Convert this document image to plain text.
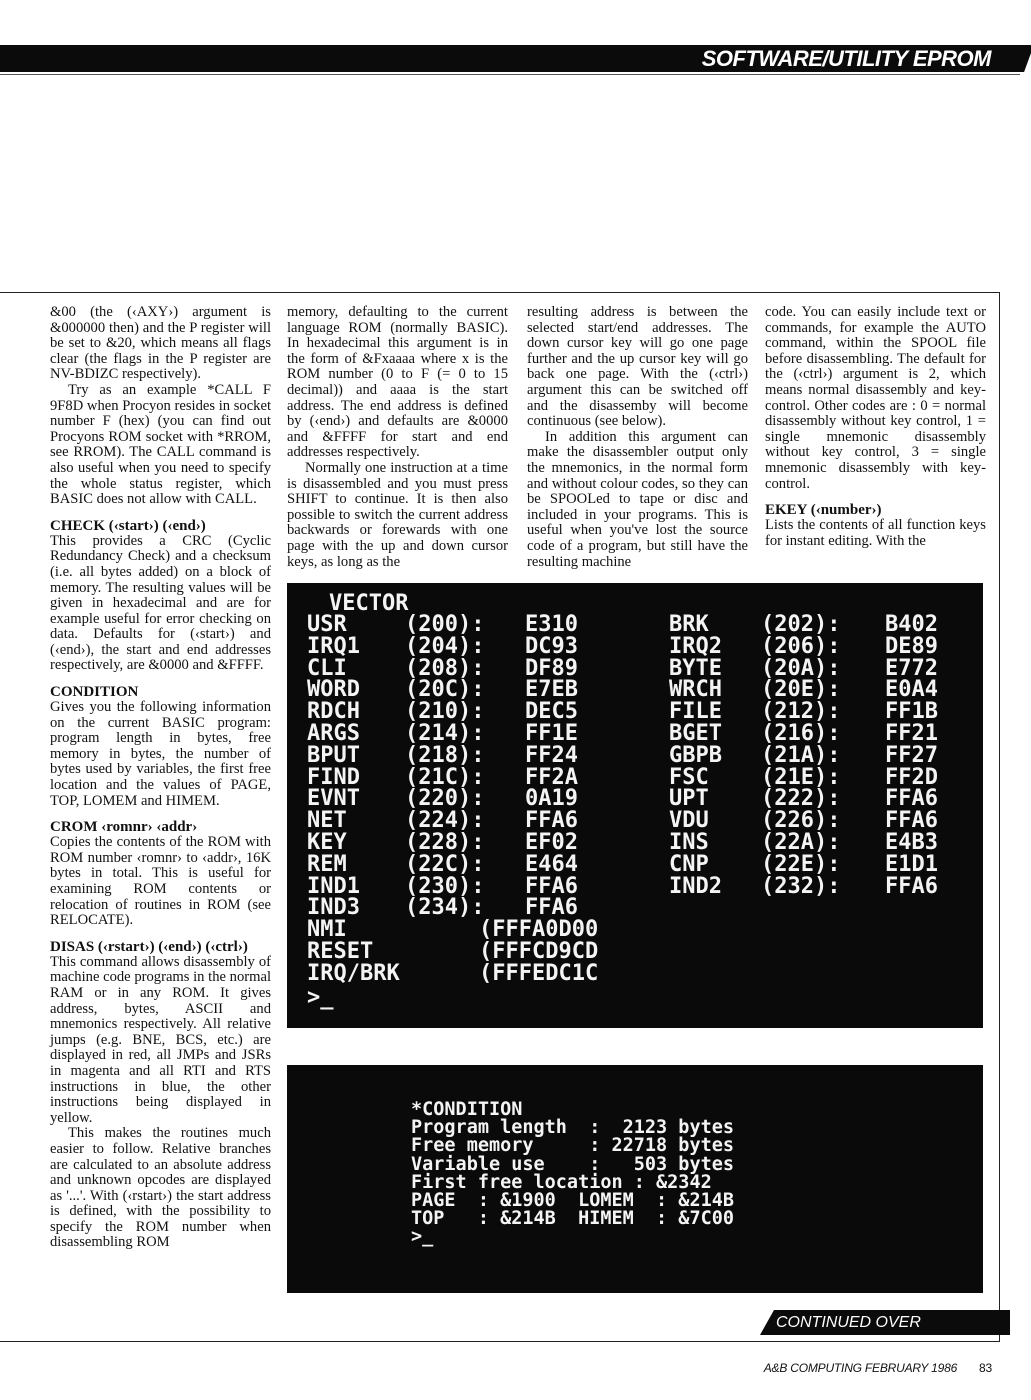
SOFTWARE/UTILITY EPROM

&00 (the (‹AXY›) argument is &000000 then) and the P register will be set to &20, which means all flags clear (the flags in the P register are NV-BDIZC respectively).

Try as an example *CALL F 9F8D when Procyon resides in socket number F (hex) (you can find out Procyons ROM socket with *RROM, see RROM). The CALL command is also useful when you need to specify the whole status register, which BASIC does not allow with CALL.

CHECK (‹start›) (‹end›)

This provides a CRC (Cyclic Redundancy Check) and a checksum (i.e. all bytes added) on a block of memory. The resulting values will be given in hexadecimal and are for example useful for error checking on data. Defaults for (‹start›) and (‹end›), the start and end addresses respectively, are &0000 and &FFFF.

CONDITION

Gives you the following information on the current BASIC program: program length in bytes, free memory in bytes, the number of bytes used by variables, the first free location and the values of PAGE, TOP, LOMEM and HIMEM.

CROM ‹romnr› ‹addr›

Copies the contents of the ROM with ROM number ‹romnr› to ‹addr›, 16K bytes in total. This is useful for examining ROM contents or relocation of routines in ROM (see RELOCATE).

DISAS (‹rstart›) (‹end›) (‹ctrl›)

This command allows disassembly of machine code programs in the normal RAM or in any ROM. It gives address, bytes, ASCII and mnemonics respectively. All relative jumps (e.g. BNE, BCS, etc.) are displayed in red, all JMPs and JSRs in magenta and all RTI and RTS instructions in blue, the other instructions being displayed in yellow.

This makes the routines much easier to follow. Relative branches are calculated to an absolute address and unknown opcodes are displayed as '...'. With (‹rstart›) the start address is defined, with the possibility to specify the ROM number when disassembling ROM

memory, defaulting to the current language ROM (normally BASIC). In hexadecimal this argument is in the form of &Fxaaaa where x is the ROM number (0 to F (= 0 to 15 decimal)) and aaaa is the start address. The end address is defined by (‹end›) and defaults are &0000 and &FFFF for start and end addresses respectively.

Normally one instruction at a time is disassembled and you must press SHIFT to continue. It is then also possible to switch the current address backwards or forewards with one page with the up and down cursor keys, as long as the

resulting address is between the selected start/end addresses. The down cursor key will go one page further and the up cursor key will go back one page. With the (‹ctrl›) argument this can be switched off and the disassemby will become continuous (see below).

In addition this argument can make the disassembler output only the mnemonics, in the normal form and without colour codes, so they can be SPOOLed to tape or disc and included in your programs. This is useful when you've lost the source code of a program, but still have the resulting machine

code. You can easily include text or commands, for example the AUTO command, within the SPOOL file before disassembling. The default for the (‹ctrl›) argument is 2, which means normal disassembly and key-control. Other codes are : 0 = normal disassembly without key control, 1 = single mnemonic disassembly without key control, 3 = single mnemonic disassembly with key-control.

EKEY (‹number›)

Lists the contents of all function keys for instant editing. With the

VECTOR

USR	(200):	E310	BRK	(202):	B402
IRQ1	(204):	DC93	IRQ2	(206):	DE89
CLI	(208):	DF89	BYTE	(20A):	E772
WORD	(20C):	E7EB	WRCH	(20E):	E0A4
RDCH	(210):	DEC5	FILE	(212):	FF1B
ARGS	(214):	FF1E	BGET	(216):	FF21
BPUT	(218):	FF24	GBPB	(21A):	FF27
FIND	(21C):	FF2A	FSC	(21E):	FF2D
EVNT	(220):	0A19	UPT	(222):	FFA6
NET	(224):	FFA6	VDU	(226):	FFA6
KEY	(228):	EF02	INS	(22A):	E4B3
REM	(22C):	E464	CNP	(22E):	E1D1
IND1	(230):	FFA6	IND2	(232):	FFA6
IND3	(234):	FFA6			

NMI	(FFFA0D00

RESET	(FFFCD9CD

IRQ/BRK	(FFFEDC1C

>_

*CONDITION
Program length  :  2123 bytes
Free memory     : 22718 bytes
Variable use    :   503 bytes
First free location : &2342
PAGE  : &1900  LOMEM  : &214B
TOP   : &214B  HIMEM  : &7C00
>_

CONTINUED OVER
A&B COMPUTING FEBRUARY 1986 83
